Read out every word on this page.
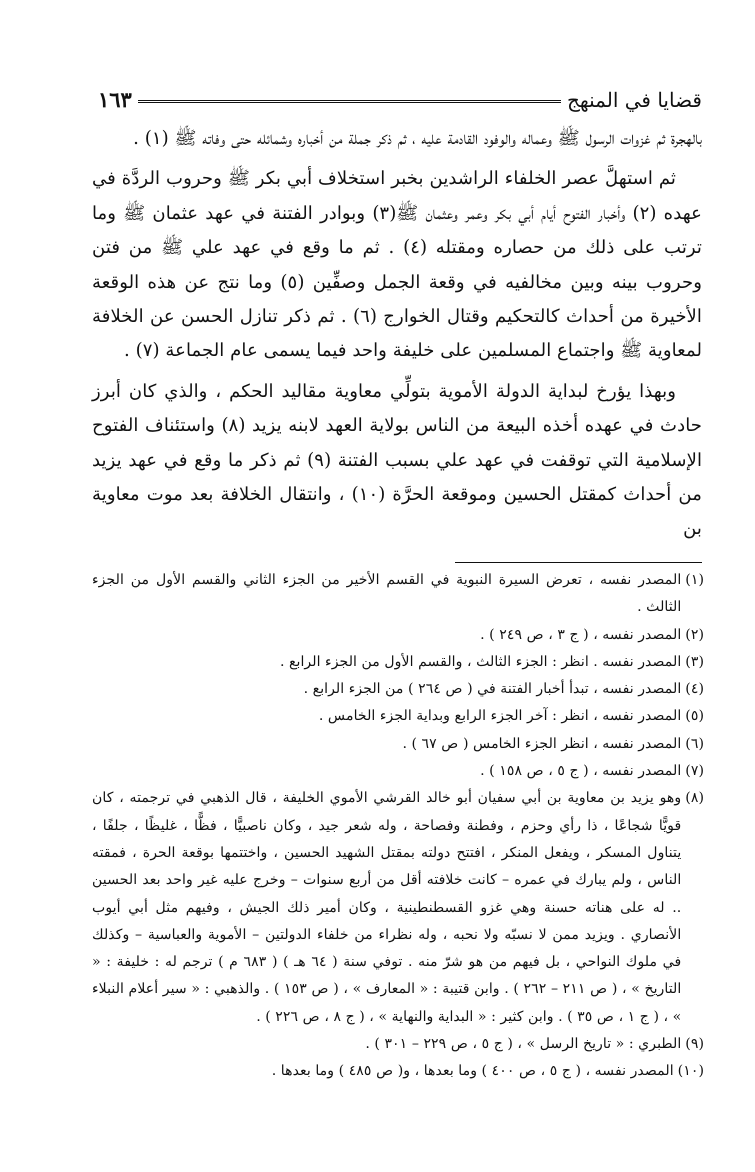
قضايا في المنهج
١٦٣

بالهجرة ثم غزوات الرسول ﷺ وعماله والوفود القادمة عليه ، ثم ذكر جملة من أخباره وشمائله حتى وفاته ﷺ (١) .

ثم استهلَّ عصر الخلفاء الراشدين بخبر استخلاف أبي بكر ﷺ وحروب الردَّة في عهده (٢) وأخبار الفتوح أيام أبي بكر وعمر وعثمان ﷺ(٣) وبوادر الفتنة في عهد عثمان ﷺ وما ترتب على ذلك من حصاره ومقتله (٤) . ثم ما وقع في عهد علي ﷺ من فتن وحروب بينه وبين مخالفيه في وقعة الجمل وصفِّين (٥) وما نتج عن هذه الوقعة الأخيرة من أحداث كالتحكيم وقتال الخوارج (٦) . ثم ذكر تنازل الحسن عن الخلافة لمعاوية ﷺ واجتماع المسلمين على خليفة واحد فيما يسمى عام الجماعة (٧) .

وبهذا يؤرخ لبداية الدولة الأموية بتولِّي معاوية مقاليد الحكم ، والذي كان أبرز حادث في عهده أخذه البيعة من الناس بولاية العهد لابنه يزيد (٨) واستئناف الفتوح الإسلامية التي توقفت في عهد علي بسبب الفتنة (٩) ثم ذكر ما وقع في عهد يزيد من أحداث كمقتل الحسين وموقعة الحرَّة (١٠) ، وانتقال الخلافة بعد موت معاوية بن

(١)
المصدر نفسه ، تعرض السيرة النبوية في القسم الأخير من الجزء الثاني والقسم الأول من الجزء الثالث .
(٢)
المصدر نفسه ، ( ج ٣ ، ص ٢٤٩ ) .
(٣)
المصدر نفسه . انظر : الجزء الثالث ، والقسم الأول من الجزء الرابع .
(٤)
المصدر نفسه ، تبدأ أخبار الفتنة في ( ص ٢٦٤ ) من الجزء الرابع .
(٥)
المصدر نفسه ، انظر : آخر الجزء الرابع وبداية الجزء الخامس .
(٦)
المصدر نفسه ، انظر الجزء الخامس ( ص ٦٧ ) .
(٧)
المصدر نفسه ، ( ج ٥ ، ص ١٥٨ ) .
(٨)
وهو يزيد بن معاوية بن أبي سفيان أبو خالد القرشي الأموي الخليفة ، قال الذهبي في ترجمته ، كان قويًّا شجاعًا ، ذا رأي وحزم ، وفطنة وفصاحة ، وله شعر جيد ، وكان ناصبيًّا ، فظًّا ، غليظًا ، جلفًا ، يتناول المسكر ، ويفعل المنكر ، افتتح دولته بمقتل الشهيد الحسين ، واختتمها بوقعة الحرة ، فمقته الناس ، ولم يبارك في عمره – كانت خلافته أقل من أربع سنوات – وخرج عليه غير واحد بعد الحسين .. له على هناته حسنة وهي غزو القسطنطينية ، وكان أمير ذلك الجيش ، وفيهم مثل أبي أيوب الأنصاري . ويزيد ممن لا نسبّه ولا نحبه ، وله نظراء من خلفاء الدولتين – الأموية والعباسية – وكذلك في ملوك النواحي ، بل فيهم من هو شرّ منه . توفي سنة ( ٦٤ هـ ) ( ٦٨٣ م ) ترجم له : خليفة : « التاريخ » ، ( ص ٢١١ – ٢٦٢ ) . وابن قتيبة : « المعارف » ، ( ص ١٥٣ ) . والذهبي : « سير أعلام النبلاء » ، ( ج ١ ، ص ٣٥ ) . وابن كثير : « البداية والنهاية » ، ( ج ٨ ، ص ٢٢٦ ) .
(٩)
الطبري : « تاريخ الرسل » ، ( ج ٥ ، ص ٢٢٩ – ٣٠١ ) .
(١٠)
المصدر نفسه ، ( ج ٥ ، ص ٤٠٠ ) وما بعدها ، و( ص ٤٨٥ ) وما بعدها .
